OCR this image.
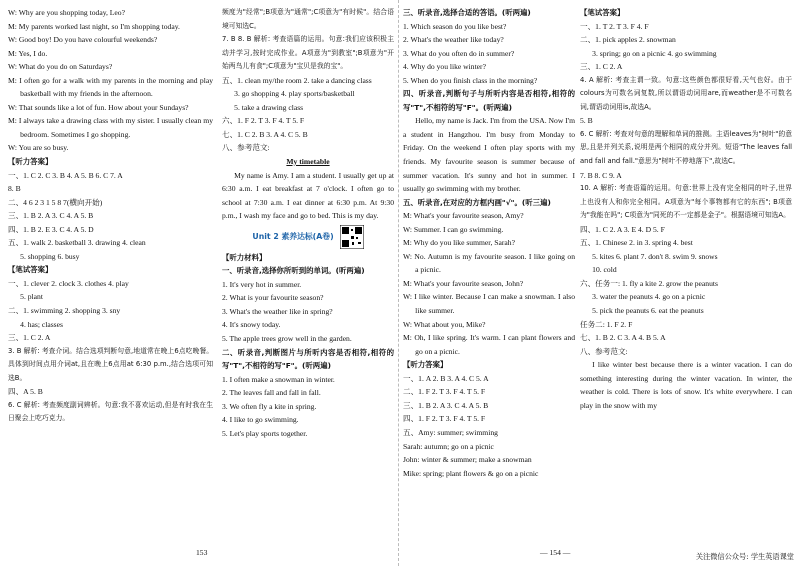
W: Why are you shopping today, Leo?

M: My parents worked last night, so I'm shopping today.

W: Good boy! Do you have colourful weekends?

M: Yes, I do.

W: What do you do on Saturdays?

M: I often go for a walk with my parents in the morning and play basketball with my friends in the afternoon.

W: That sounds like a lot of fun. How about your Sundays?

M: I always take a drawing class with my sister. I usually clean my bedroom. Sometimes I go shopping.

W: You are so busy.

【听力答案】

一、1. C 2. C 3. B 4. A 5. B 6. C 7. A

8. B

二、4 6 2 3 1 5 8 7(横向开始)

三、1. B 2. A 3. C 4. A 5. B

四、1. B 2. E 3. C 4. A 5. D

五、1. walk 2. basketball 3. drawing 4. clean

5. shopping 6. busy

【笔试答案】

一、1. clever 2. clock 3. clothes 4. play

5. plant

二、1. swimming 2. shopping 3. sny

4. has; classes

三、1. C 2. A

3. B 解析: 考查介词。结合选项判断句意,地道常在晚上6点吃晚餐。具体到时间点用介词at,且在晚上6点用at 6:30 p.m.,结合选项可知选B。

四、A 5. B

6. C 解析: 考查频度副词辨析。句意:我不喜欢运动,但是有时我在生日聚会上吃巧克力。

频度为"经常";B项意为"通常";C项意为"有时候"。结合语境可知选C。

7. B 8. B 解析: 考查语篇的运用。句意:我们应该积极主动并学习,按时完成作业。A项意为"到教室";B项意为"开始两鸟儿有食";C项意为"宝贝是我的宝"。

五、1. clean my/the room 2. take a dancing class

3. go shopping 4. play sports/basketball

5. take a drawing class

六、1. F 2. T 3. F 4. T 5. F

七、1. C 2. B 3. A 4. C 5. B

八、参考范文:

My timetable

My name is Amy. I am a student. I usually get up at 6:30 a.m. I eat breakfast at 7 o'clock. I often go to school at 7:30 a.m. I eat dinner at 6:30 p.m. At 9:30 p.m., I wash my face and go to bed. This is my day.

Unit 2 素养达标(A卷)

【听力材料】

一、听录音,选择你所听到的单词。(听两遍)

1. It's very hot in summer.

2. What is your favourite season?

3. What's the weather like in spring?

4. It's snowy today.

5. The apple trees grow well in the garden.

二、听录音,判断图片与所听内容是否相符,相符的写"T",不相符的写"F"。(听两遍)

1. I often make a snowman in winter.

2. The leaves fall and fall in fall.

3. We often fly a kite in spring.

4. I like to go swimming.

5. Let's play sports together.

三、听录音,选择合适的答语。(听两遍)

1. Which season do you like best?

2. What's the weather like today?

3. What do you often do in summer?

4. Why do you like winter?

5. When do you finish class in the morning?

四、听录音,判断句子与所听内容是否相符,相符的写"T",不相符的写"F"。(听两遍)

Hello, my name is Jack. I'm from the USA. Now I'm a student in Hangzhou. I'm busy from Monday to Friday. On the weekend I often play sports with my friends. My favourite season is summer because of summer vacation. It's sunny and hot in summer. I usually go swimming with my brother.

五、听录音,在对应的方框内画"√"。(听三遍)

M: What's your favourite season, Amy?

W: Summer. I can go swimming.

M: Why do you like summer, Sarah?

W: No. Autumn is my favourite season. I like going on a picnic.

M: What's your favourite season, John?

W: I like winter. Because I can make a snowman. I also like summer.

W: What about you, Mike?

M: Oh, I like spring. It's warm. I can plant flowers and go on a picnic.

【听力答案】

一、1. A 2. B 3. A 4. C 5. A

二、1. F 2. T 3. F 4. T 5. F

三、1. B 2. A 3. C 4. A 5. B

四、1. F 2. T 3. F 4. T 5. F

五、Amy: summer; swimming

Sarah: autumn; go on a picnic

John: winter & summer; make a snowman

Mike: spring; plant flowers & go on a picnic

【笔试答案】

一、1. T 2. T 3. F 4. F

二、1. pick apples 2. snowman

3. spring; go on a picnic 4. go swimming

三、1. C 2. A

4. A 解析: 考查主谓一致。句意:这些颜色都很好看,天气也好。由于colours为可数名词复数,所以谓语动词用are,而weather是不可数名词,谓语动词用is,故选A。

5. B

6. C 解析: 考查对句意的理解和单词的推测。主语leaves为"树叶"的意思,且是并列关系,说明是两个相同的成分并列。短语"The leaves fall and fall and fall."意思为"树叶不停地落下",故选C。

7. B 8. C 9. A

10. A 解析: 考查语篇的运用。句意:世界上没有完全相同的叶子,世界上也没有人和你完全相同。A项意为"每个事物都有它的东西"; B项意为"我能在吗"; C项意为"同死的不一定都是金子"。根据语境可知选A。

四、1. C 2. A 3. E 4. D 5. F

五、1. Chinese 2. in 3. spring 4. best

5. kites 6. plant 7. don't 8. swim 9. snows

10. cold

六、任务一: 1. fly a kite 2. grow the peanuts

3. water the peanuts 4. go on a picnic

5. pick the peanuts 6. eat the peanuts

任务二: 1. F 2. F

七、1. B 2. C 3. A 4. B 5. A

八、参考范文:

I like winter best because there is a winter vacation. I can do something interesting during the winter vacation. In winter, the weather is cold. There is lots of snow. It's white everywhere. I can play in the snow with my

153	— 154 —	关注微信公众号: 学生英语课堂
